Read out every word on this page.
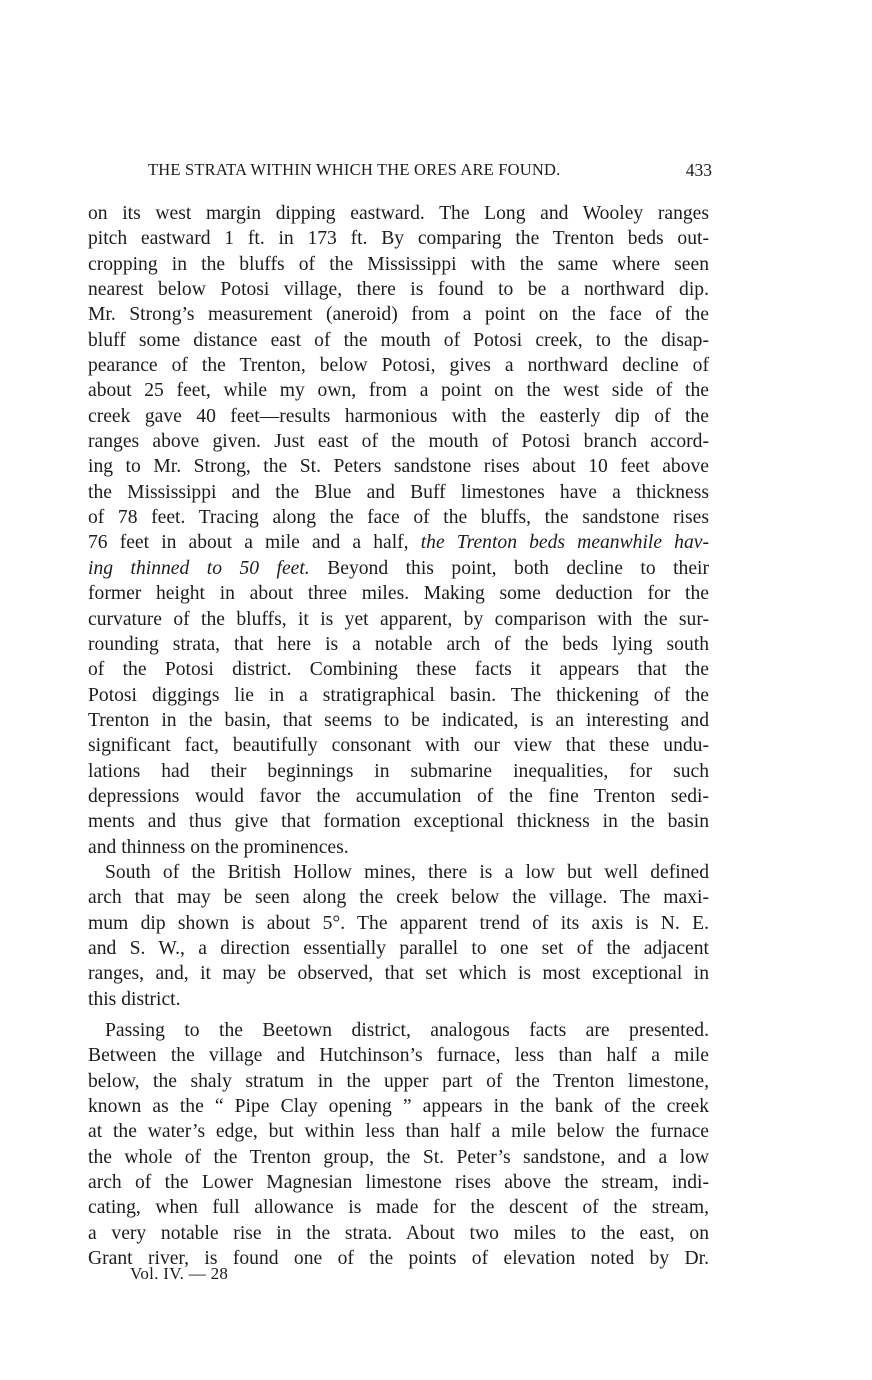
THE STRATA WITHIN WHICH THE ORES ARE FOUND.	433
on its west margin dipping eastward. The Long and Wooley ranges
pitch eastward 1 ft. in 173 ft. By comparing the Trenton beds out-
cropping in the bluffs of the Mississippi with the same where seen
nearest below Potosi village, there is found to be a northward dip.
Mr. Strong’s measurement (aneroid) from a point on the face of the
bluff some distance east of the mouth of Potosi creek, to the disap-
pearance of the Trenton, below Potosi, gives a northward decline of
about 25 feet, while my own, from a point on the west side of the
creek gave 40 feet—results harmonious with the easterly dip of the
ranges above given. Just east of the mouth of Potosi branch accord-
ing to Mr. Strong, the St. Peters sandstone rises about 10 feet above
the Mississippi and the Blue and Buff limestones have a thickness
of 78 feet. Tracing along the face of the bluffs, the sandstone rises
76 feet in about a mile and a half, the Trenton beds meanwhile hav-
ing thinned to 50 feet. Beyond this point, both decline to their
former height in about three miles. Making some deduction for the
curvature of the bluffs, it is yet apparent, by comparison with the sur-
rounding strata, that here is a notable arch of the beds lying south
of the Potosi district. Combining these facts it appears that the
Potosi diggings lie in a stratigraphical basin. The thickening of the
Trenton in the basin, that seems to be indicated, is an interesting and
significant fact, beautifully consonant with our view that these undu-
lations had their beginnings in submarine inequalities, for such
depressions would favor the accumulation of the fine Trenton sedi-
ments and thus give that formation exceptional thickness in the basin
and thinness on the prominences.
South of the British Hollow mines, there is a low but well defined
arch that may be seen along the creek below the village. The maxi-
mum dip shown is about 5°. The apparent trend of its axis is N. E.
and S. W., a direction essentially parallel to one set of the adjacent
ranges, and, it may be observed, that set which is most exceptional in
this district.
Passing to the Beetown district, analogous facts are presented.
Between the village and Hutchinson’s furnace, less than half a mile
below, the shaly stratum in the upper part of the Trenton limestone,
known as the “ Pipe Clay opening ” appears in the bank of the creek
at the water’s edge, but within less than half a mile below the furnace
the whole of the Trenton group, the St. Peter’s sandstone, and a low
arch of the Lower Magnesian limestone rises above the stream, indi-
cating, when full allowance is made for the descent of the stream,
a very notable rise in the strata. About two miles to the east, on
Grant river, is found one of the points of elevation noted by Dr.
Vol. IV. — 28
